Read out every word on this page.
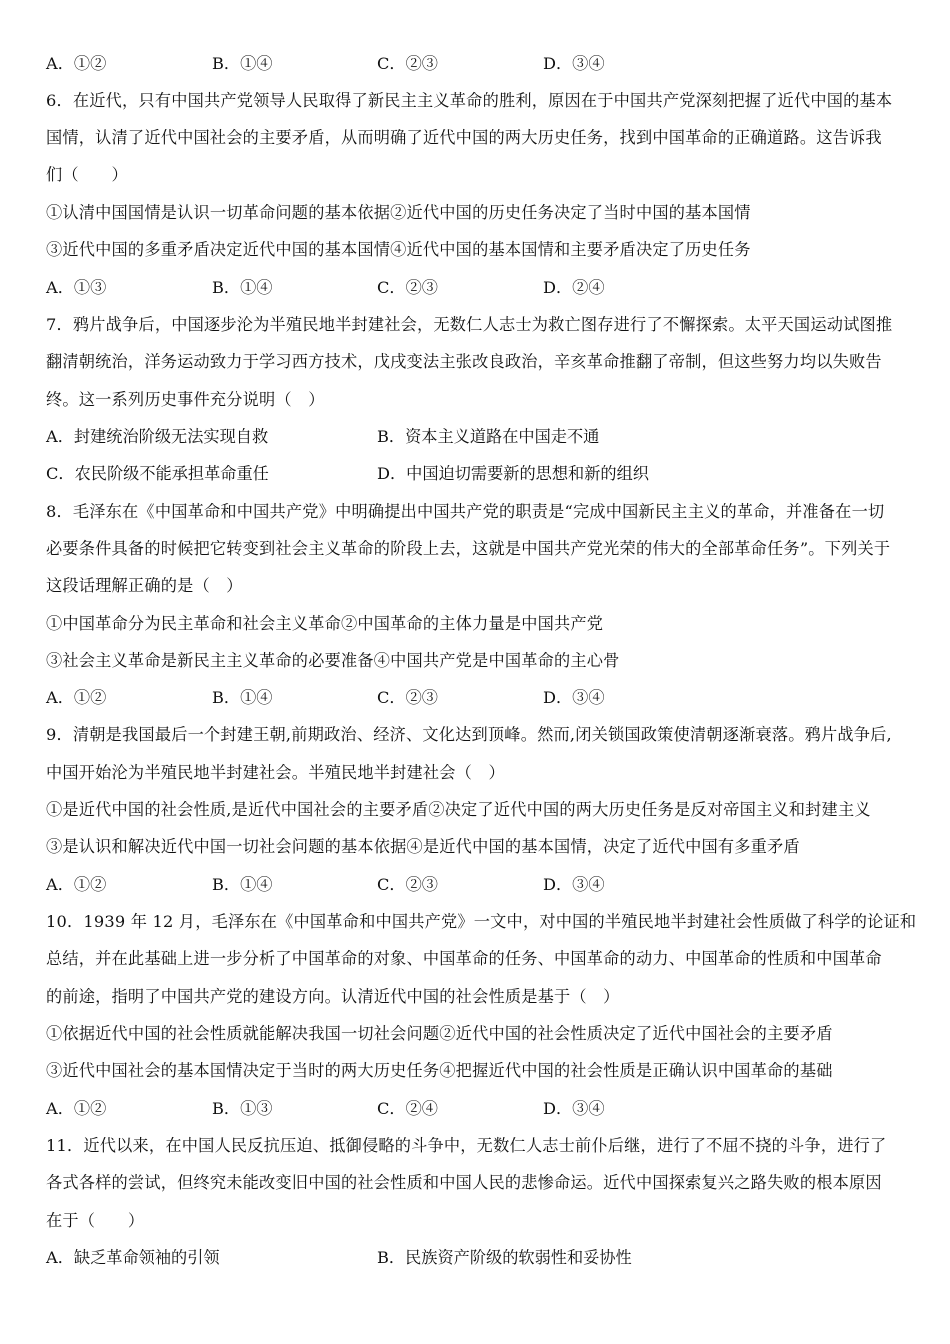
A．①②	B．①④	C．②③	D．③④
6．在近代，只有中国共产党领导人民取得了新民主主义革命的胜利，原因在于中国共产党深刻把握了近代中国的基本
国情，认清了近代中国社会的主要矛盾，从而明确了近代中国的两大历史任务，找到中国革命的正确道路。这告诉我
们（　　）
①认清中国国情是认识一切革命问题的基本依据②近代中国的历史任务决定了当时中国的基本国情
③近代中国的多重矛盾决定近代中国的基本国情④近代中国的基本国情和主要矛盾决定了历史任务
A．①③	B．①④	C．②③	D．②④
7．鸦片战争后，中国逐步沦为半殖民地半封建社会，无数仁人志士为救亡图存进行了不懈探索。太平天国运动试图推
翻清朝统治，洋务运动致力于学习西方技术，戊戌变法主张改良政治，辛亥革命推翻了帝制，但这些努力均以失败告
终。这一系列历史事件充分说明（　）
A．封建统治阶级无法实现自救	B．资本主义道路在中国走不通
C．农民阶级不能承担革命重任	D．中国迫切需要新的思想和新的组织
8．毛泽东在《中国革命和中国共产党》中明确提出中国共产党的职责是“完成中国新民主主义的革命，并准备在一切
必要条件具备的时候把它转变到社会主义革命的阶段上去，这就是中国共产党光荣的伟大的全部革命任务”。下列关于
这段话理解正确的是（　）
①中国革命分为民主革命和社会主义革命②中国革命的主体力量是中国共产党
③社会主义革命是新民主主义革命的必要准备④中国共产党是中国革命的主心骨
A．①②	B．①④	C．②③	D．③④
9．清朝是我国最后一个封建王朝,前期政治、经济、文化达到顶峰。然而,闭关锁国政策使清朝逐渐衰落。鸦片战争后,
中国开始沦为半殖民地半封建社会。半殖民地半封建社会（　）
①是近代中国的社会性质,是近代中国社会的主要矛盾②决定了近代中国的两大历史任务是反对帝国主义和封建主义
③是认识和解决近代中国一切社会问题的基本依据④是近代中国的基本国情，决定了近代中国有多重矛盾
A．①②	B．①④	C．②③	D．③④
10．1939 年 12 月，毛泽东在《中国革命和中国共产党》一文中，对中国的半殖民地半封建社会性质做了科学的论证和
总结，并在此基础上进一步分析了中国革命的对象、中国革命的任务、中国革命的动力、中国革命的性质和中国革命
的前途，指明了中国共产党的建设方向。认清近代中国的社会性质是基于（　）
①依据近代中国的社会性质就能解决我国一切社会问题②近代中国的社会性质决定了近代中国社会的主要矛盾
③近代中国社会的基本国情决定于当时的两大历史任务④把握近代中国的社会性质是正确认识中国革命的基础
A．①②	B．①③	C．②④	D．③④
11．近代以来，在中国人民反抗压迫、抵御侵略的斗争中，无数仁人志士前仆后继，进行了不屈不挠的斗争，进行了
各式各样的尝试，但终究未能改变旧中国的社会性质和中国人民的悲惨命运。近代中国探索复兴之路失败的根本原因
在于（　　）
A．缺乏革命领袖的引领	B．民族资产阶级的软弱性和妥协性
